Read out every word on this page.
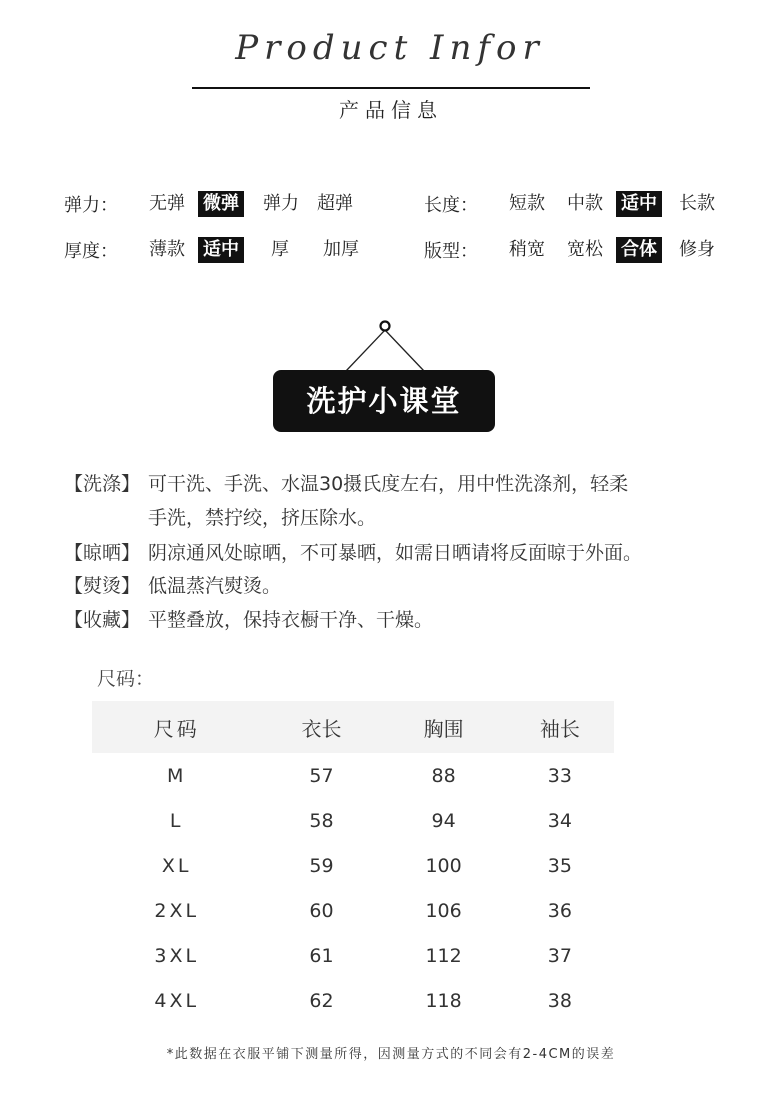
Product Infor
产品信息
弹力：	无弹 微弹 弹力 超弹	长度：	短款 中款 适中 长款
厚度：	薄款 适中 厚 加厚	版型：	稍宽 宽松 合体 修身
洗护小课堂
【洗涤】 可干洗、手洗、水温30摄氏度左右，用中性洗涤剂，轻柔
手洗，禁拧绞，挤压除水。
【晾晒】 阴凉通风处晾晒，不可暴晒，如需日晒请将反面晾于外面。
【熨烫】 低温蒸汽熨烫。
【收藏】 平整叠放，保持衣橱干净、干燥。
尺码：
尺码	衣长	胸围	袖长
M	57	88	33
L	58	94	34
XL	59	100	35
2XL	60	106	36
3XL	61	112	37
4XL	62	118	38
*此数据在衣服平铺下测量所得，因测量方式的不同会有2-4CM的误差
